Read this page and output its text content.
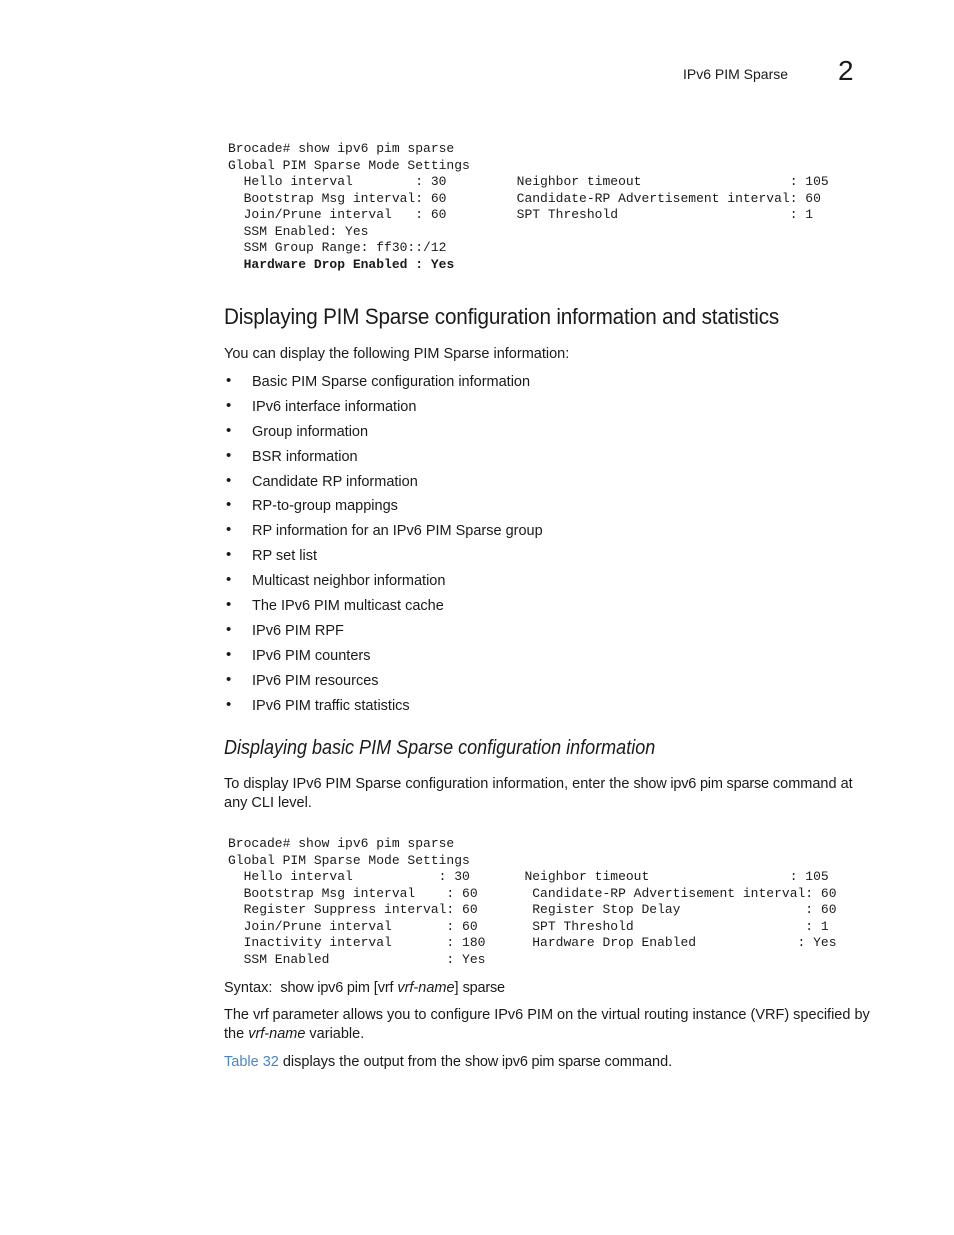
IPv6 PIM Sparse 2
Brocade# show ipv6 pim sparse
Global PIM Sparse Mode Settings
Hello interval        : 30         Neighbor timeout                   : 105
Bootstrap Msg interval: 60         Candidate-RP Advertisement interval: 60
Join/Prune interval   : 60         SPT Threshold                      : 1
SSM Enabled: Yes
SSM Group Range: ff30::/12
Hardware Drop Enabled : Yes
Displaying PIM Sparse configuration information and statistics
You can display the following PIM Sparse information:
• Basic PIM Sparse configuration information
• IPv6 interface information
• Group information
• BSR information
• Candidate RP information
• RP-to-group mappings
• RP information for an IPv6 PIM Sparse group
• RP set list
• Multicast neighbor information
• The IPv6 PIM multicast cache
• IPv6 PIM RPF
• IPv6 PIM counters
• IPv6 PIM resources
• IPv6 PIM traffic statistics
Displaying basic PIM Sparse configuration information
To display IPv6 PIM Sparse configuration information, enter the show ipv6 pim sparse command at any CLI level.
Brocade# show ipv6 pim sparse
Global PIM Sparse Mode Settings
Hello interval           : 30       Neighbor timeout                  : 105
Bootstrap Msg interval    : 60       Candidate-RP Advertisement interval: 60
Register Suppress interval: 60       Register Stop Delay                : 60
Join/Prune interval       : 60       SPT Threshold                      : 1
Inactivity interval       : 180      Hardware Drop Enabled             : Yes
SSM Enabled               : Yes
Syntax: show ipv6 pim [vrf vrf-name] sparse
The vrf parameter allows you to configure IPv6 PIM on the virtual routing instance (VRF) specified by the vrf-name variable.
Table 32 displays the output from the show ipv6 pim sparse command.
